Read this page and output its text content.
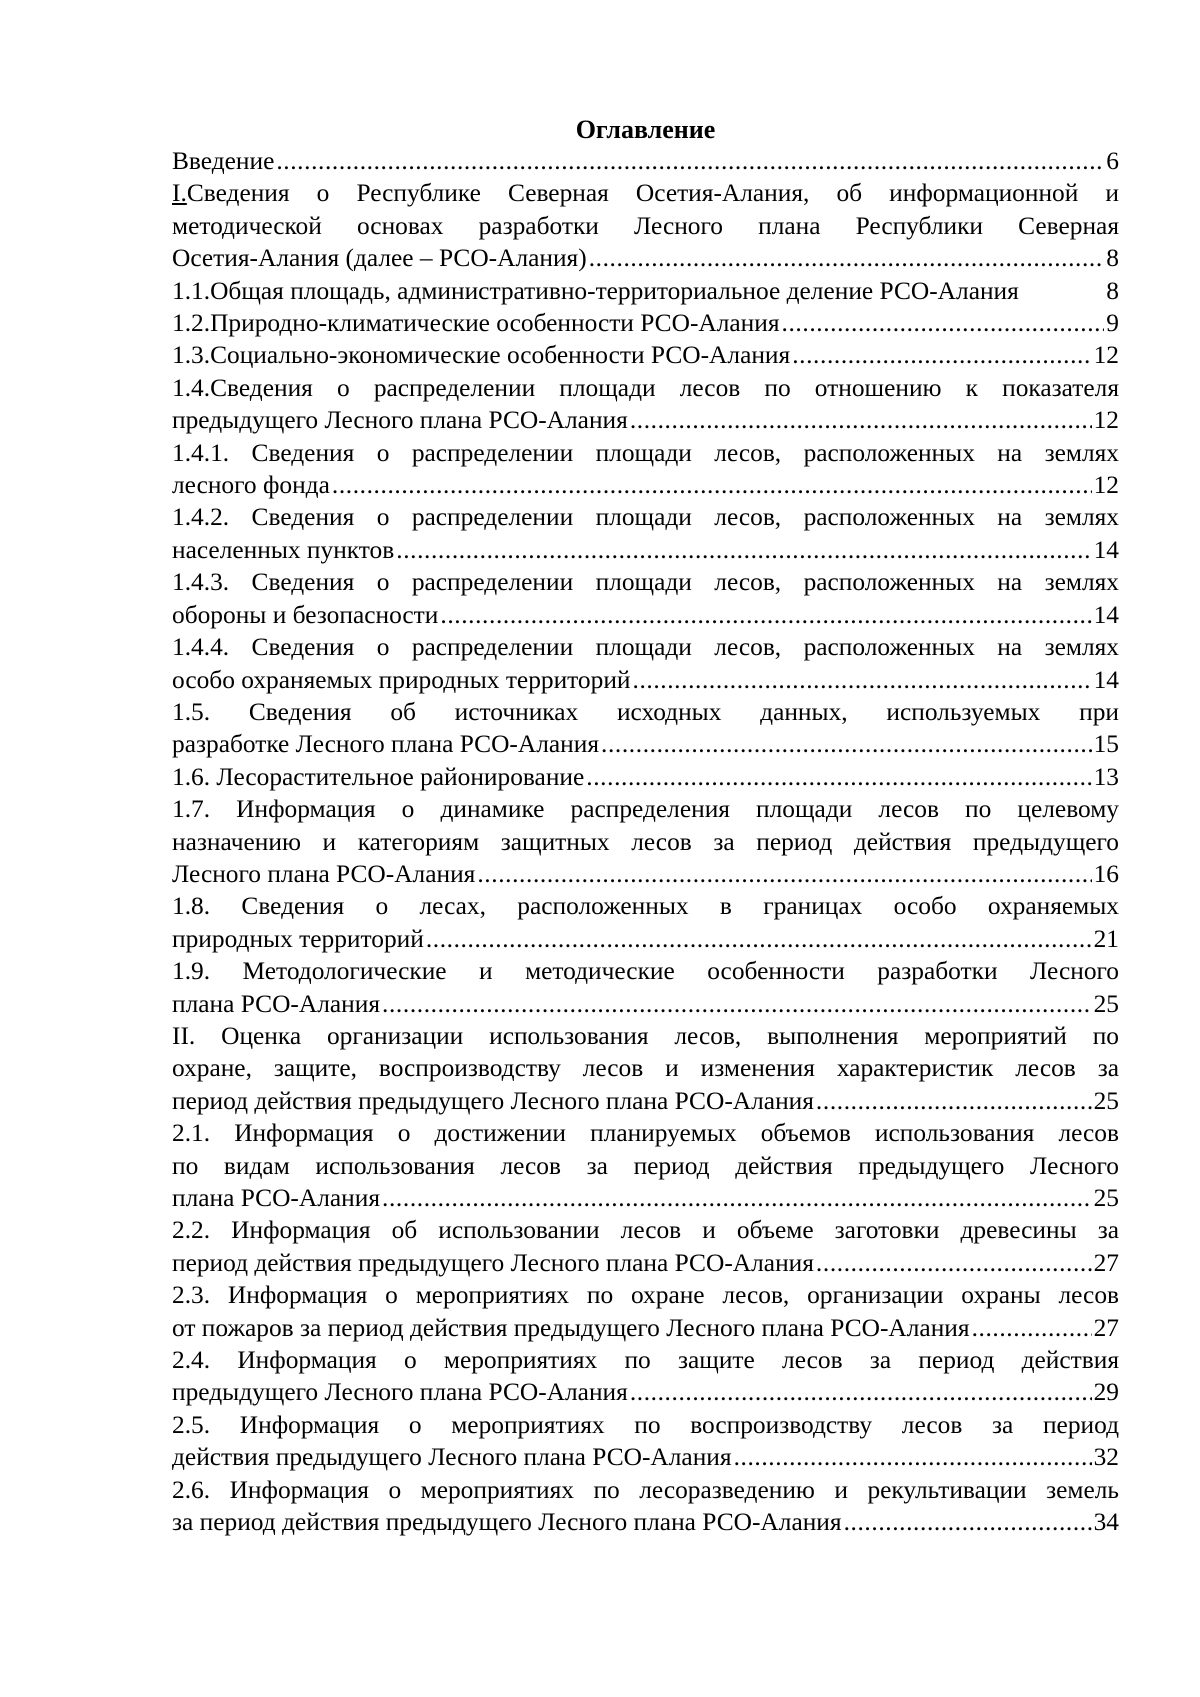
Оглавление
Введение .....	6
I.Сведения о Республике Северная Осетия-Алания, об информационной и
методической основах разработки Лесного плана Республики Северная
Осетия-Алания (далее – РСО-Алания) .....	8
1.1.Общая площадь, административно-территориальное деление РСО-Алания	8
1.2.Природно-климатические особенности РСО-Алания .....	9
1.3.Социально-экономические особенности РСО-Алания .....	12
1.4.Сведения о распределении площади лесов по отношению к показателя
предыдущего Лесного плана РСО-Алания .....	12
1.4.1. Сведения о распределении площади лесов, расположенных на землях
лесного фонда .....	12
1.4.2. Сведения о распределении площади лесов, расположенных на землях
населенных пунктов .....	14
1.4.3. Сведения о распределении площади лесов, расположенных на землях
обороны и безопасности .....	14
1.4.4. Сведения о распределении площади лесов, расположенных на землях
особо охраняемых природных территорий .....	14
1.5. Сведения об источниках исходных данных, используемых при
разработке Лесного плана РСО-Алания .....	15
1.6. Лесорастительное районирование .....	13
1.7. Информация о динамике распределения площади лесов по целевому
назначению и категориям защитных лесов за период действия предыдущего
Лесного плана РСО-Алания .....	16
1.8. Сведения о лесах, расположенных в границах особо охраняемых
природных территорий .....	21
1.9. Методологические и методические особенности разработки Лесного
плана РСО-Алания .....	25
II. Оценка организации использования лесов, выполнения мероприятий по
охране, защите, воспроизводству лесов и изменения характеристик лесов за
период действия предыдущего Лесного плана РСО-Алания .....	25
2.1. Информация о достижении планируемых объемов использования лесов
по видам использования лесов за период действия предыдущего Лесного
плана РСО-Алания .....	25
2.2. Информация об использовании лесов и объеме заготовки древесины за
период действия предыдущего Лесного плана РСО-Алания .....	27
2.3. Информация о мероприятиях по охране лесов, организации охраны лесов
от пожаров за период действия предыдущего Лесного плана РСО-Алания .....	27
2.4. Информация о мероприятиях по защите лесов за период действия
предыдущего Лесного плана РСО-Алания .....	29
2.5. Информация о мероприятиях по воспроизводству лесов за период
действия предыдущего Лесного плана РСО-Алания .....	32
2.6. Информация о мероприятиях по лесоразведению и рекультивации земель
за период действия предыдущего Лесного плана РСО-Алания .....	34
